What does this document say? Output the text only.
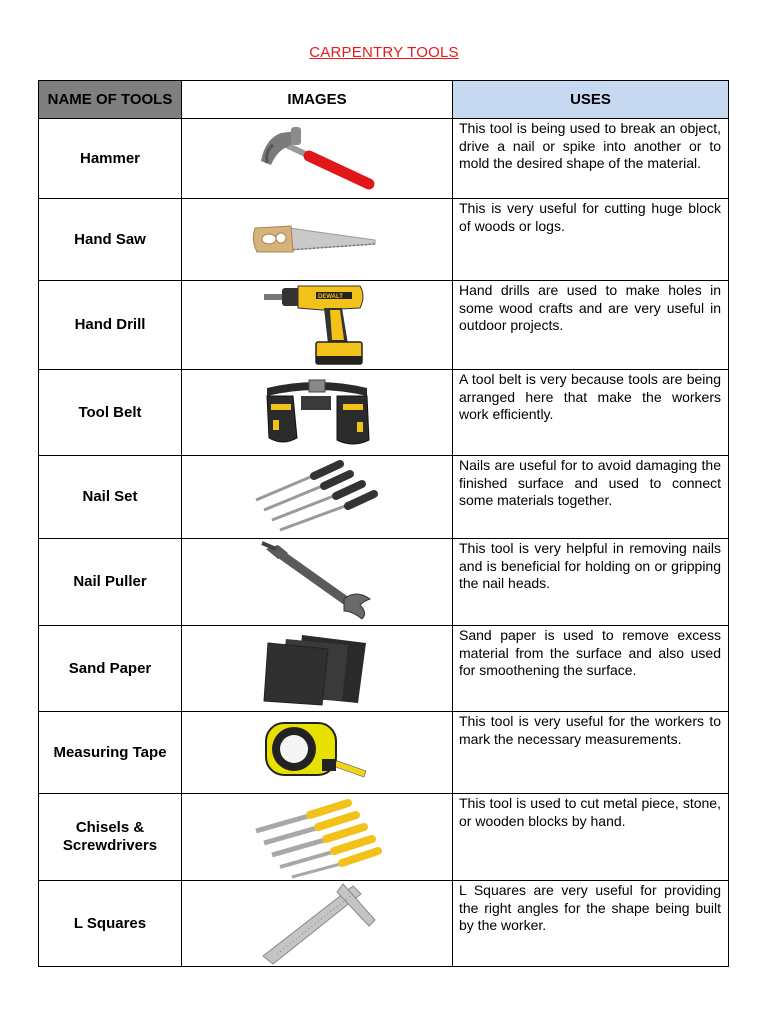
CARPENTRY TOOLS
NAME OF TOOLS	IMAGES	USES
Hammer		This tool is being used to break an object, drive a nail or spike into another or to mold the desired shape of the material.
Hand Saw		This is very useful for cutting huge block of woods or logs.
Hand Drill	DEWALT	Hand drills are used to make holes in some wood crafts and are very useful in outdoor projects.
Tool Belt		A tool belt is very because tools are being arranged here that make the workers work efficiently.
Nail Set		Nails are useful for to avoid damaging the finished surface and used to connect some materials together.
Nail Puller		This tool is very helpful in removing nails and is beneficial for holding on or gripping the nail heads.
Sand Paper		Sand paper is used to remove excess material from the surface and also used for smoothening the surface.
Measuring Tape		This tool is very useful for the workers to mark the necessary measurements.
Chisels &
Screwdrivers		This tool is used to cut metal piece, stone, or wooden blocks by hand.
L Squares		L Squares are very useful for providing the right angles for the shape being built by the worker.
